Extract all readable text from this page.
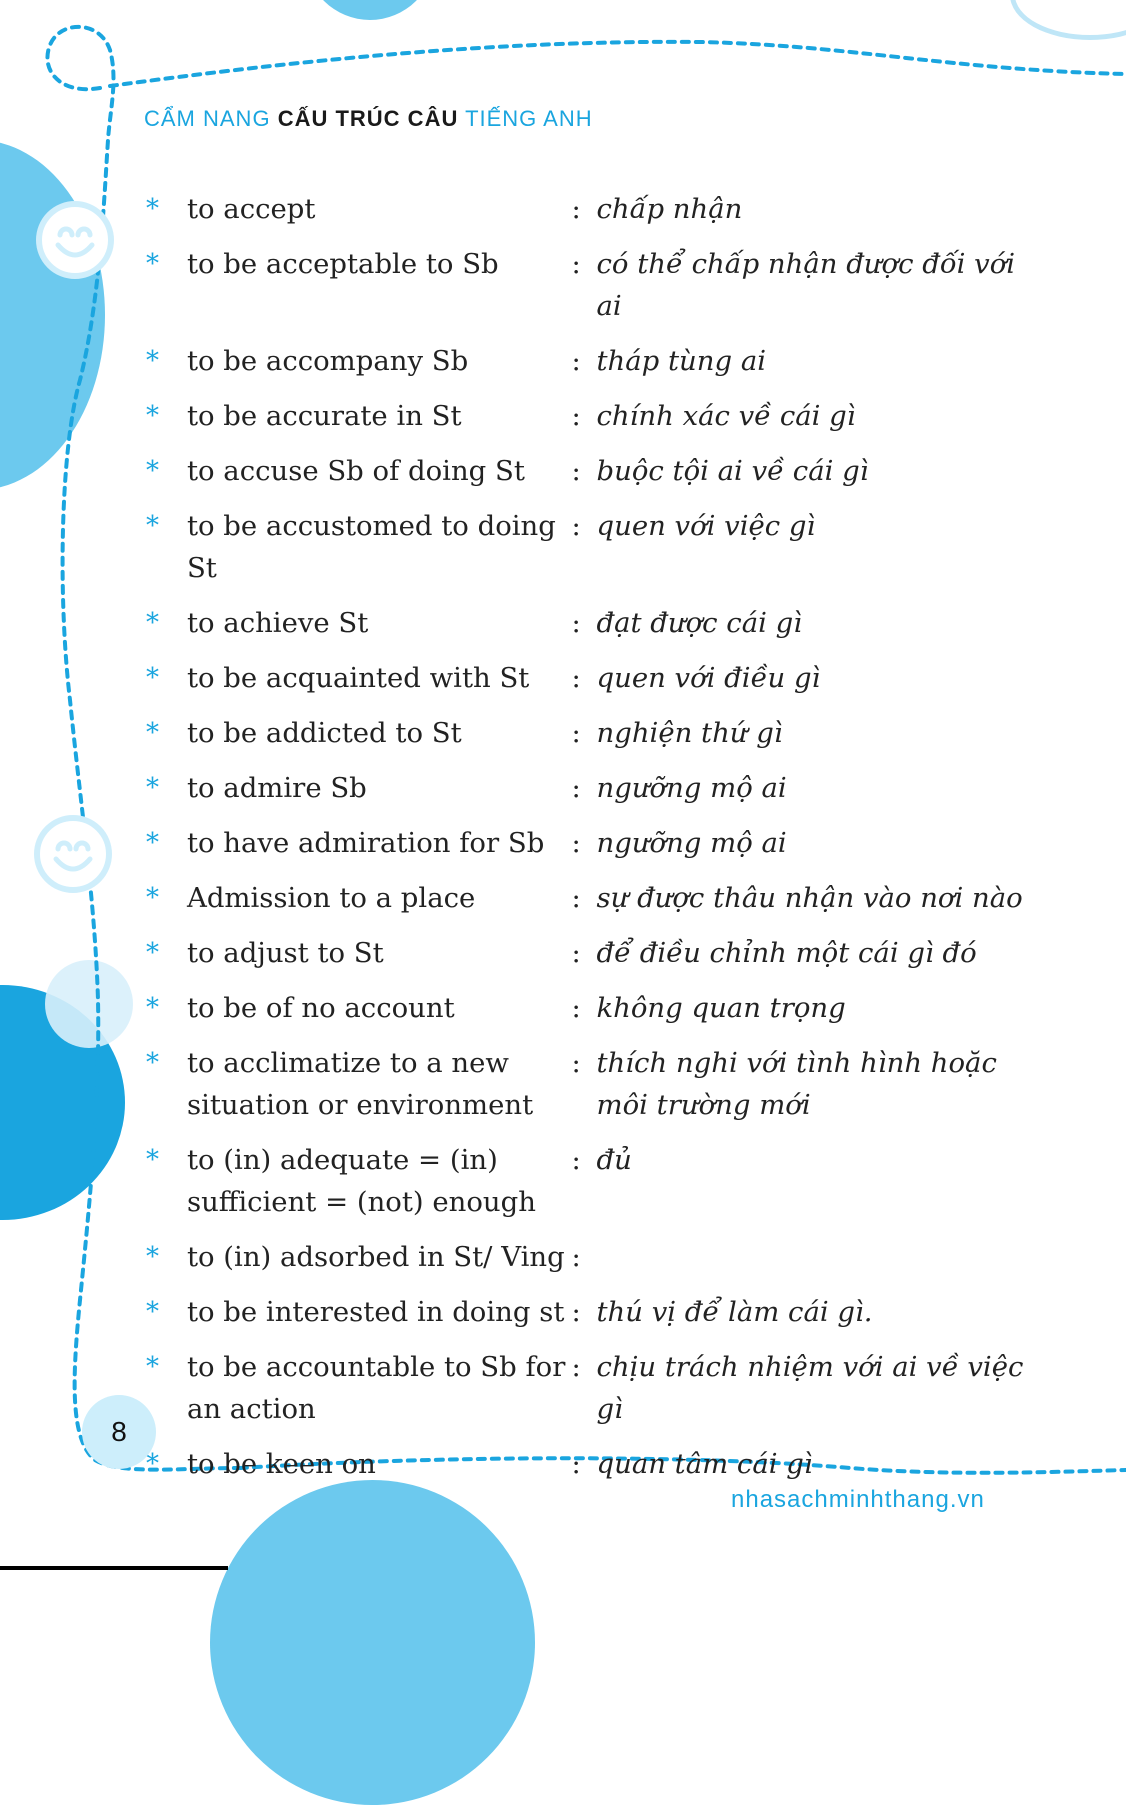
CẨM NANG CẤU TRÚC CÂU TIẾNG ANH
*	to accept	: chấp nhận
*	to be acceptable to Sb	: có thể chấp nhận được đối với ai
*	to be accompany Sb	: tháp tùng ai
*	to be accurate in St	: chính xác về cái gì
*	to accuse Sb of doing St	: buộc tội ai về cái gì
*	to be accustomed to doing St
: quen với việc gì
*	to achieve St	: đạt được cái gì
*	to be acquainted with St	: quen với điều gì
*	to be addicted to St	: nghiện thứ gì
*	to admire Sb	: ngưỡng mộ ai
*	to have admiration for Sb : ngưỡng mộ ai
*	Admission to a place	: sự được thâu nhận vào nơi nào
*	to adjust to St	: để điều chỉnh một cái gì đó
*	to be of no account	: không quan trọng
*	to acclimatize to a new situation or environment
: thích nghi với tình hình hoặc môi trường mới
*	to (in) adequate = (in) sufficient = (not) enough
: đủ
*	to (in) adsorbed in St/ Ving :
*	to be interested in doing st : thú vị để làm cái gì.
*	to be accountable to Sb for an action
: chịu trách nhiệm với ai về việc gì
*	to be keen on	: quan tâm cái gì
8
nhasachminhthang.vn
